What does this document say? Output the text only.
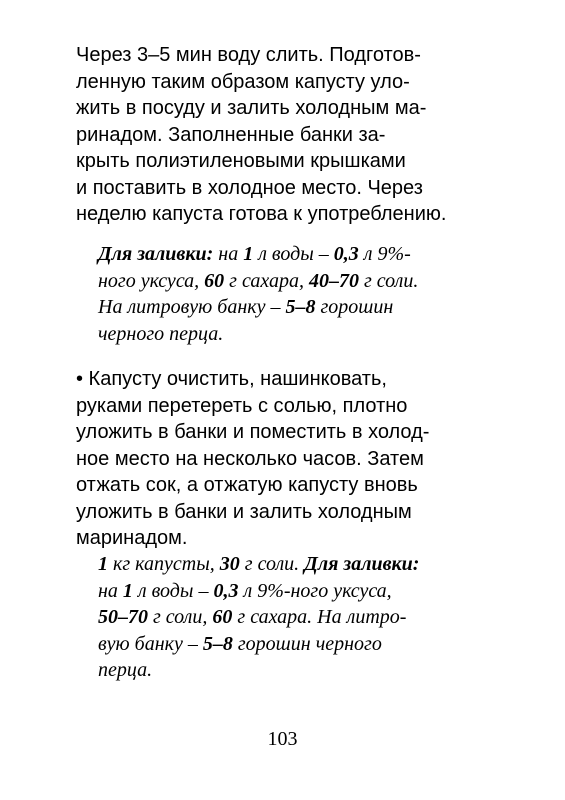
Через 3–5 мин воду слить. Подготов-
ленную таким образом капусту уло-
жить в посуду и залить холодным ма-
ринадом. Заполненные банки за-
крыть полиэтиленовыми крышками
и поставить в холодное место. Через
неделю капуста готова к употреблению.
Для заливки: на 1 л воды – 0,3 л 9%-
ного уксуса, 60 г сахара, 40–70 г соли.
На литровую банку – 5–8 горошин
черного перца.
• Капусту очистить, нашинковать,
руками перетереть с солью, плотно
уложить в банки и поместить в холод-
ное место на несколько часов. Затем
отжать сок, а отжатую капусту вновь
уложить в банки и залить холодным
маринадом.
1 кг капусты, 30 г соли. Для заливки:
на 1 л воды – 0,3 л 9%-ного уксуса,
50–70 г соли, 60 г сахара. На литро-
вую банку – 5–8 горошин черного
перца.
103
